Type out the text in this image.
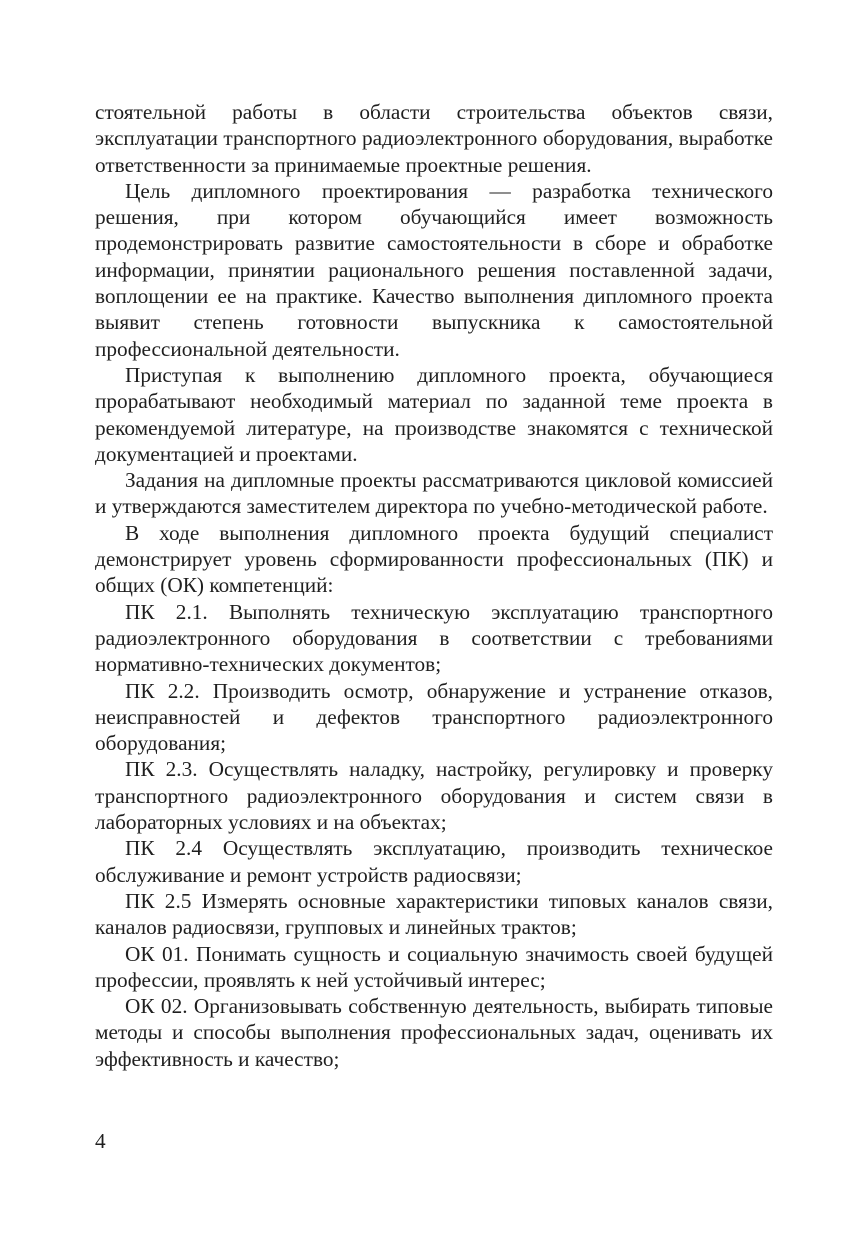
стоятельной работы в области строительства объектов связи, эксплуатации транспортного радиоэлектронного оборудования, выработке ответственности за принимаемые проектные решения.

Цель дипломного проектирования — разработка технического решения, при котором обучающийся имеет возможность продемонстрировать развитие самостоятельности в сборе и обработке информации, принятии рационального решения поставленной задачи, воплощении ее на практике. Качество выполнения дипломного проекта выявит степень готовности выпускника к самостоятельной профессиональной деятельности.

Приступая к выполнению дипломного проекта, обучающиеся прорабатывают необходимый материал по заданной теме проекта в рекомендуемой литературе, на производстве знакомятся с технической документацией и проектами.

Задания на дипломные проекты рассматриваются цикловой комиссией и утверждаются заместителем директора по учебно-методической работе.

В ходе выполнения дипломного проекта будущий специалист демонстрирует уровень сформированности профессиональных (ПК) и общих (ОК) компетенций:

ПК 2.1. Выполнять техническую эксплуатацию транспортного радиоэлектронного оборудования в соответствии с требованиями нормативно-технических документов;

ПК 2.2. Производить осмотр, обнаружение и устранение отказов, неисправностей и дефектов транспортного радиоэлектронного оборудования;

ПК 2.3. Осуществлять наладку, настройку, регулировку и проверку транспортного радиоэлектронного оборудования и систем связи в лабораторных условиях и на объектах;

ПК 2.4 Осуществлять эксплуатацию, производить техническое обслуживание и ремонт устройств радиосвязи;

ПК 2.5 Измерять основные характеристики типовых каналов связи, каналов радиосвязи, групповых и линейных трактов;

ОК 01. Понимать сущность и социальную значимость своей будущей профессии, проявлять к ней устойчивый интерес;

ОК 02. Организовывать собственную деятельность, выбирать типовые методы и способы выполнения профессиональных задач, оценивать их эффективность и качество;

4
